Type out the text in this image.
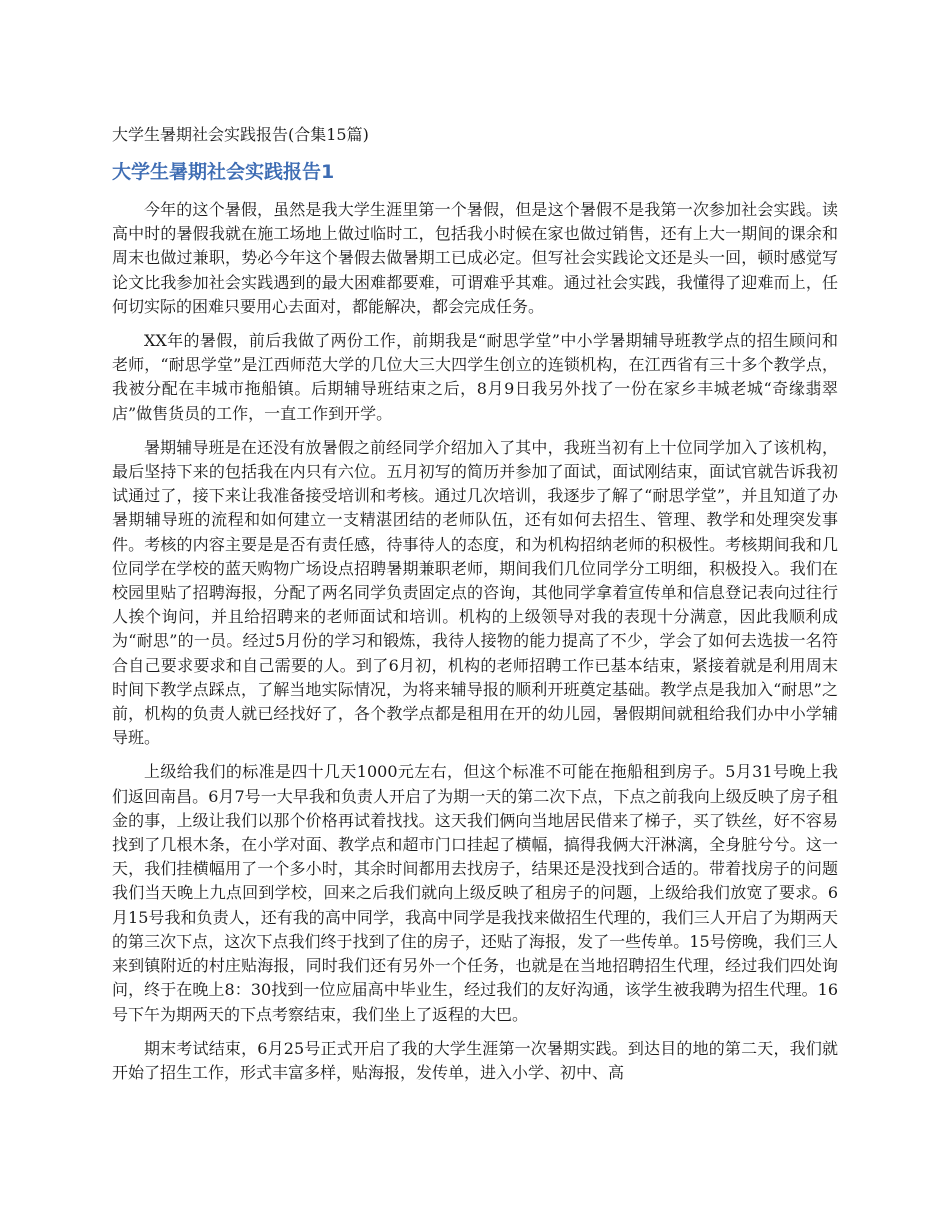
大学生暑期社会实践报告(合集15篇)
大学生暑期社会实践报告1

今年的这个暑假，虽然是我大学生涯里第一个暑假，但是这个暑假不是我第一次参加社会实践。读高中时的暑假我就在施工场地上做过临时工，包括我小时候在家也做过销售，还有上大一期间的课余和周末也做过兼职，势必今年这个暑假去做暑期工已成必定。但写社会实践论文还是头一回，顿时感觉写论文比我参加社会实践遇到的最大困难都要难，可谓难乎其难。通过社会实践，我懂得了迎难而上，任何切实际的困难只要用心去面对，都能解决，都会完成任务。

XX年的暑假，前后我做了两份工作，前期我是“耐思学堂”中小学暑期辅导班教学点的招生顾问和老师，“耐思学堂”是江西师范大学的几位大三大四学生创立的连锁机构，在江西省有三十多个教学点，我被分配在丰城市拖船镇。后期辅导班结束之后，8月9日我另外找了一份在家乡丰城老城“奇缘翡翠店”做售货员的工作，一直工作到开学。

暑期辅导班是在还没有放暑假之前经同学介绍加入了其中，我班当初有上十位同学加入了该机构，最后坚持下来的包括我在内只有六位。五月初写的简历并参加了面试，面试刚结束，面试官就告诉我初试通过了，接下来让我准备接受培训和考核。通过几次培训，我逐步了解了“耐思学堂”，并且知道了办暑期辅导班的流程和如何建立一支精湛团结的老师队伍，还有如何去招生、管理、教学和处理突发事件。考核的内容主要是是否有责任感，待事待人的态度，和为机构招纳老师的积极性。考核期间我和几位同学在学校的蓝天购物广场设点招聘暑期兼职老师，期间我们几位同学分工明细，积极投入。我们在校园里贴了招聘海报，分配了两名同学负责固定点的咨询，其他同学拿着宣传单和信息登记表向过往行人挨个询问，并且给招聘来的老师面试和培训。机构的上级领导对我的表现十分满意，因此我顺利成为“耐思”的一员。经过5月份的学习和锻炼，我待人接物的能力提高了不少，学会了如何去选拔一名符合自己要求要求和自己需要的人。到了6月初，机构的老师招聘工作已基本结束，紧接着就是利用周末时间下教学点踩点，了解当地实际情况，为将来辅导报的顺利开班奠定基础。教学点是我加入“耐思”之前，机构的负责人就已经找好了，各个教学点都是租用在开的幼儿园，暑假期间就租给我们办中小学辅导班。

上级给我们的标准是四十几天1000元左右，但这个标准不可能在拖船租到房子。5月31号晚上我们返回南昌。6月7号一大早我和负责人开启了为期一天的第二次下点，下点之前我向上级反映了房子租金的事，上级让我们以那个价格再试着找找。这天我们俩向当地居民借来了梯子，买了铁丝，好不容易找到了几根木条，在小学对面、教学点和超市门口挂起了横幅，搞得我俩大汗淋漓，全身脏兮兮。这一天，我们挂横幅用了一个多小时，其余时间都用去找房子，结果还是没找到合适的。带着找房子的问题我们当天晚上九点回到学校，回来之后我们就向上级反映了租房子的问题，上级给我们放宽了要求。6月15号我和负责人，还有我的高中同学，我高中同学是我找来做招生代理的，我们三人开启了为期两天的第三次下点，这次下点我们终于找到了住的房子，还贴了海报，发了一些传单。15号傍晚，我们三人来到镇附近的村庄贴海报，同时我们还有另外一个任务，也就是在当地招聘招生代理，经过我们四处询问，终于在晚上8：30找到一位应届高中毕业生，经过我们的友好沟通，该学生被我聘为招生代理。16号下午为期两天的下点考察结束，我们坐上了返程的大巴。

期末考试结束，6月25号正式开启了我的大学生涯第一次暑期实践。到达目的地的第二天，我们就开始了招生工作，形式丰富多样，贴海报，发传单，进入小学、初中、高
